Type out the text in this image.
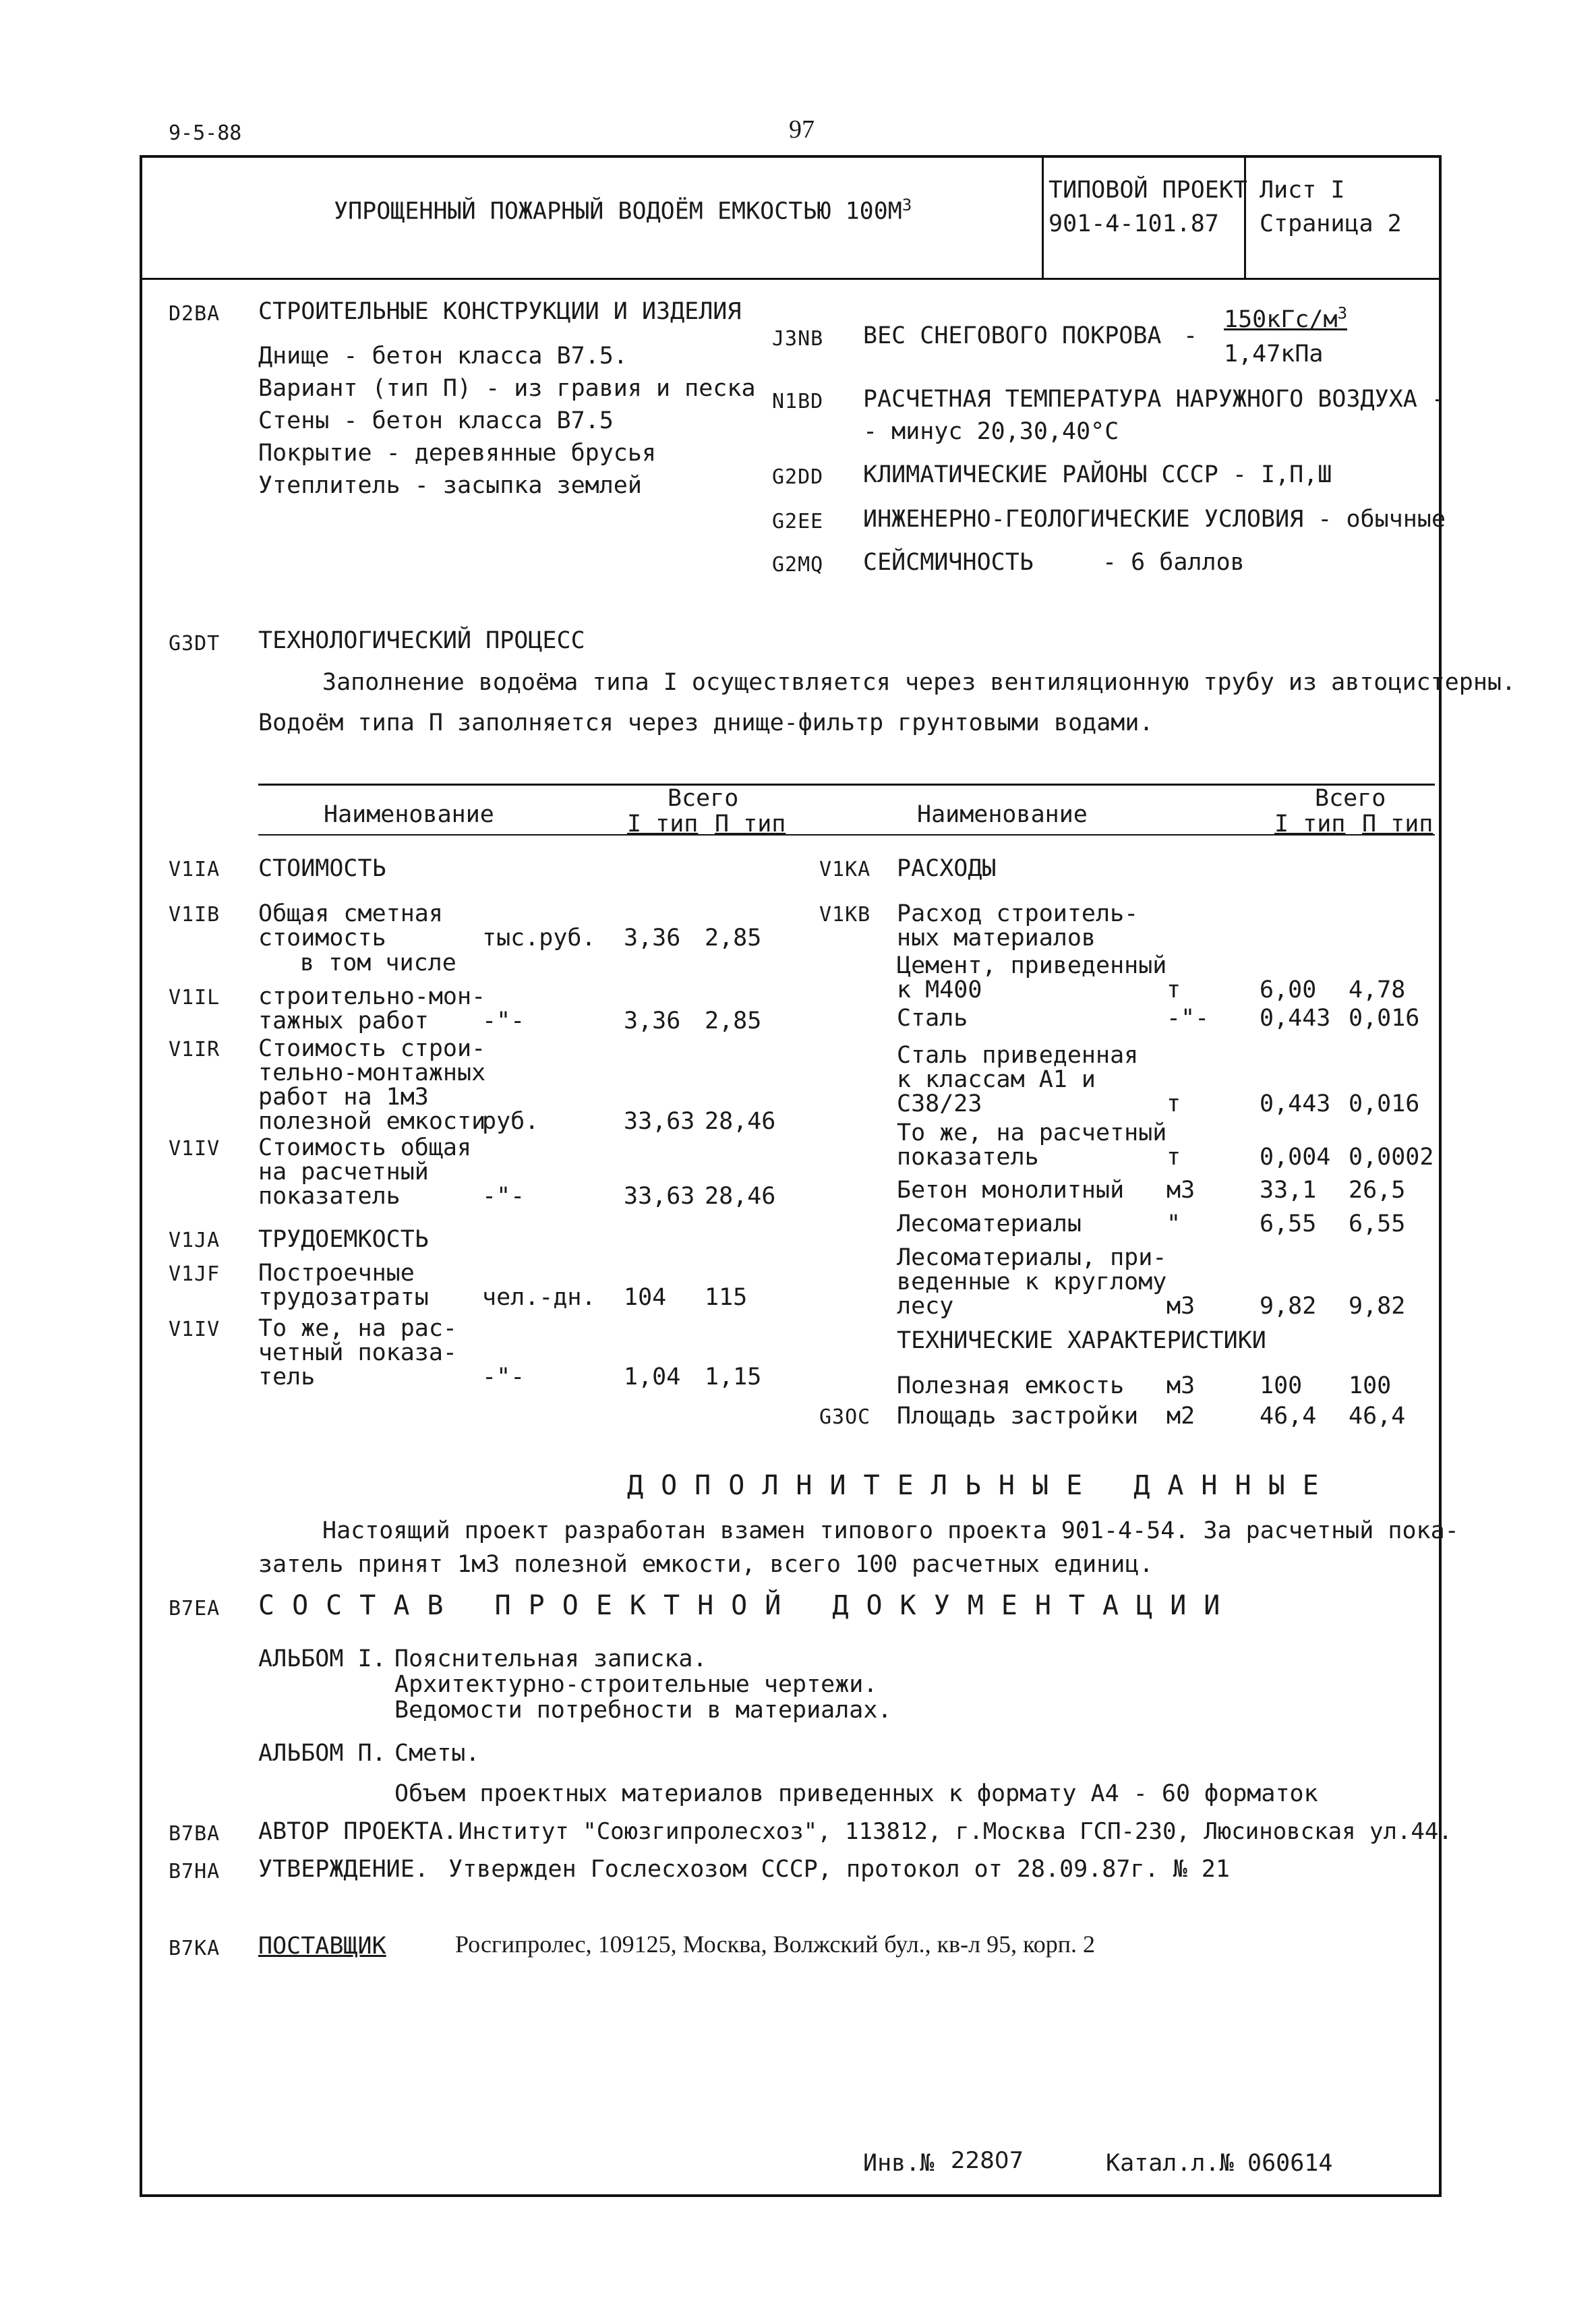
9-5-88	97
УПРОЩЕННЫЙ ПОЖАРНЫЙ ВОДОЁМ ЕМКОСТЬЮ $100М^3$
ТИПОВОЙ ПРОЕКТ
901-4-101.87
Лист I
Страница 2
D2BA СТРОИТЕЛЬНЫЕ КОНСТРУКЦИИ И ИЗДЕЛИЯ
Днище - бетон класса В7.5.
Вариант (тип П) - из гравия и песка
Стены - бетон класса В7.5
Покрытие - деревянные брусья
Утеплитель - засыпка землей
J3NB ВЕС СНЕГОВОГО ПОКРОВА -
$150кГс/м^3$
1,47кПа
N1BD РАСЧЕТНАЯ ТЕМПЕРАТУРА НАРУЖНОГО ВОЗДУХА -
- минус 20,30,40°С
G2DD КЛИМАТИЧЕСКИЕ РАЙОНЫ СССР - I,П,Ш
G2EE ИНЖЕНЕРНО-ГЕОЛОГИЧЕСКИЕ УСЛОВИЯ - обычные
G2MQ СЕЙСМИЧНОСТЬ	- 6 баллов
G3DT ТЕХНОЛОГИЧЕСКИЙ ПРОЦЕСС
Заполнение водоёма типа I осуществляется через вентиляционную трубу из автоцистерны.
Водоём типа П заполняется через днище-фильтр грунтовыми водами.
Наименование
Всего
I тип П тип	Наименование
Всего
I тип П тип
V1IA СТОИМОСТЬ
V1IB Общая сметная
стоимость	тыс.руб. 3,36 2,85
в том числе
V1IL строительно-мон-
тажных работ -"-	3,36 2,85
V1IR Стоимость строи-
тельно-монтажных
работ на 1м3
полезной емкости
руб.	33,63 28,46
V1IV Стоимость общая
на расчетный
показатель	-"-	33,63 28,46
V1JA ТРУДОЕМКОСТЬ
V1JF Построечные
трудозатраты чел.-дн. 104 115
V1IV То же, на рас-
четный показа-
тель	-"-	1,04 1,15
V1KA РАСХОДЫ
V1KB Расход строитель-
ных материалов
Цемент, приведенный
к М400	т	6,00 4,78
Сталь	-"- 0,443 0,016
Сталь приведенная
к классам А1 и
С38/23	т	0,443 0,016
То же, на расчетный
показатель	т	0,004 0,0002
Бетон монолитный м3	33,1 26,5
Лесоматериалы	"	6,55 6,55
Лесоматериалы, при-
веденные к круглому
лесу	м3	9,82 9,82
ТЕХНИЧЕСКИЕ ХАРАКТЕРИСТИКИ
Полезная емкость м3	100 100
G3OC Площадь застройки м2	46,4 46,4
ДОПОЛНИТЕЛЬНЫЕ ДАННЫЕ
Настоящий проект разработан взамен типового проекта 901-4-54. За расчетный пока-
затель принят 1м3 полезной емкости, всего 100 расчетных единиц.
B7EA СОСТАВ ПРОЕКТНОЙ ДОКУМЕНТАЦИИ
АЛЬБОМ I. Пояснительная записка.
Архитектурно-строительные чертежи.
Ведомости потребности в материалах.
АЛЬБОМ П. Сметы.
Объем проектных материалов приведенных к формату А4 - 60 форматок
B7BA АВТОР ПРОЕКТА. Институт "Союзгипролесхоз", 113812, г.Москва ГСП-230, Люсиновская ул.44.
B7HA УТВЕРЖДЕНИЕ. Утвержден Гослесхозом СССР, протокол от 28.09.87г. № 21
B7KA ПОСТАВЩИК	Росгипролес, 109125, Москва, Волжский бул., кв-л 95, корп. 2
Инв.№ 22807	Катал.л.№ 060614
